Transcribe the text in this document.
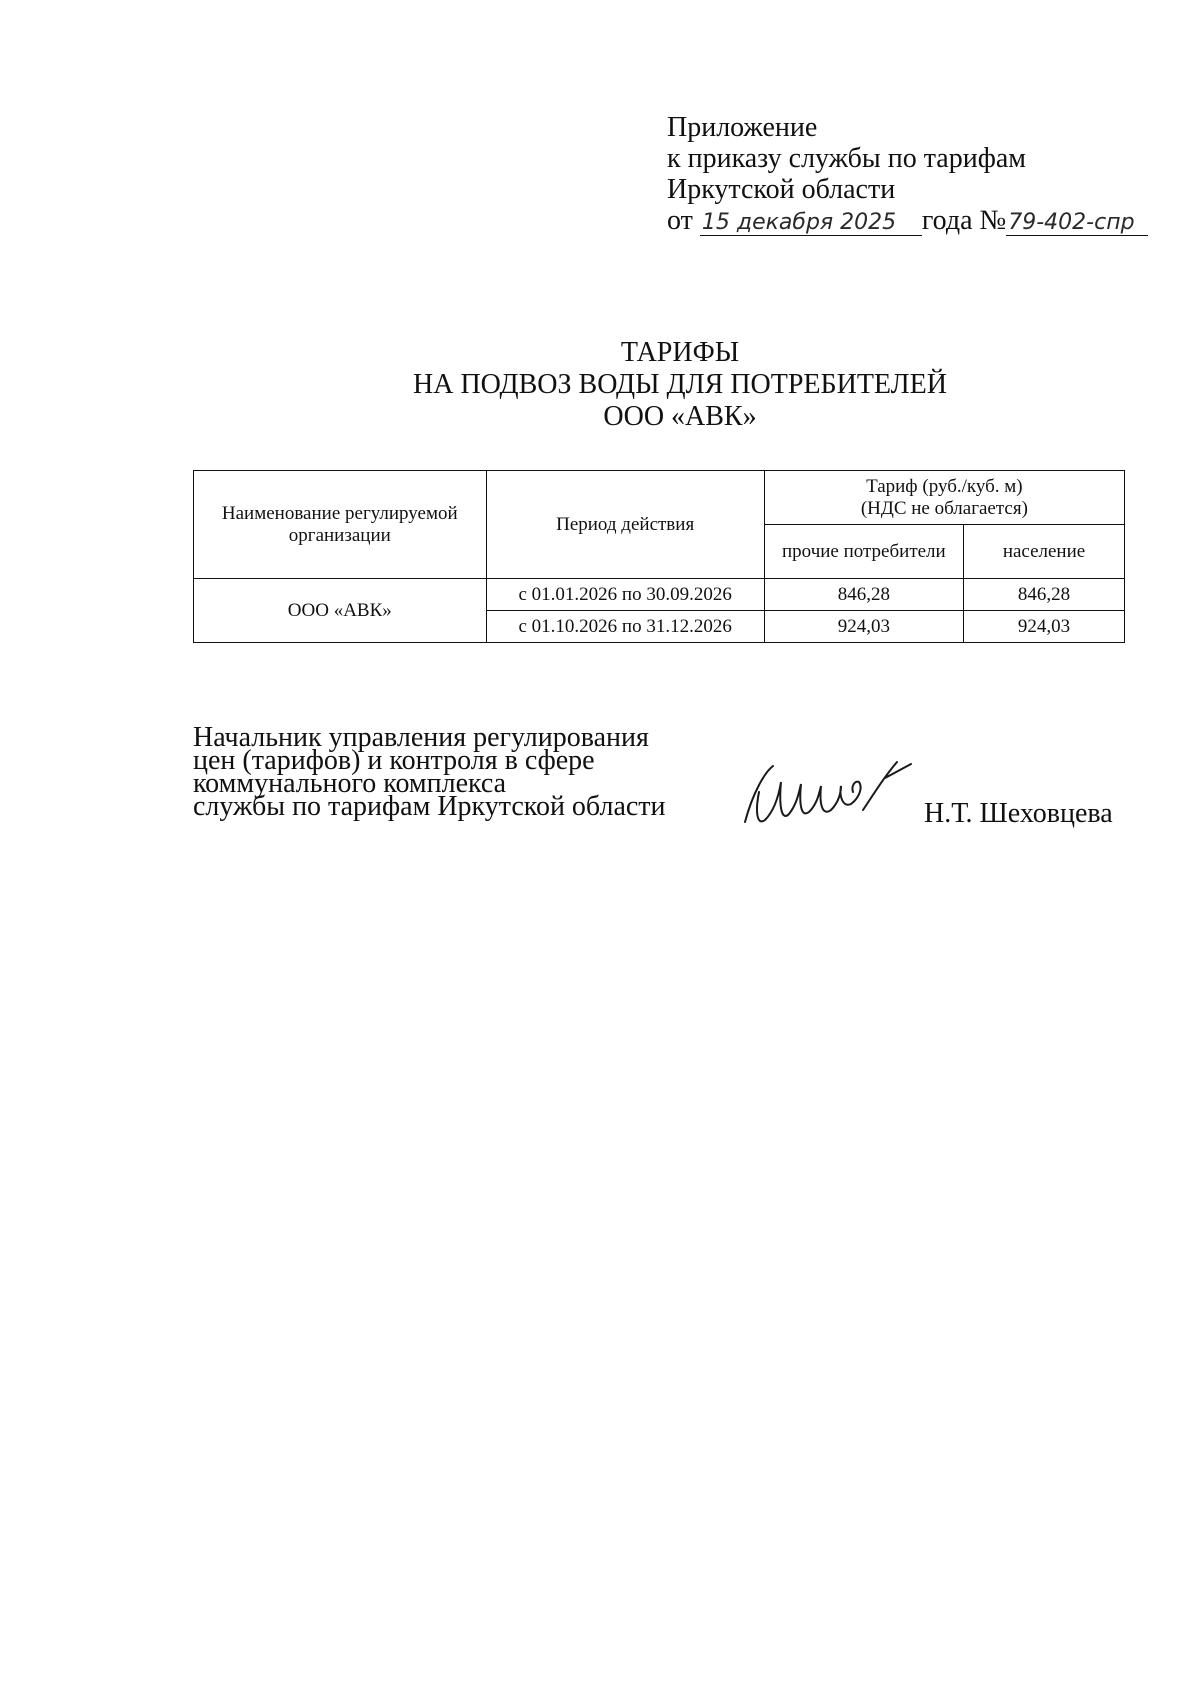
Приложение
к приказу службы по тарифам
Иркутской области
от 15 декабря 2025 года №79-402-спр
ТАРИФЫ
НА ПОДВОЗ ВОДЫ ДЛЯ ПОТРЕБИТЕЛЕЙ
ООО «АВК»
Наименование регулируемой организации	Период действия	Тариф (руб./куб. м)
(НДС не облагается)	

		прочие потребители	население
ООО «АВК»	с 01.01.2026 по 30.09.2026	846,28	846,28
	с 01.10.2026 по 31.12.2026	924,03	924,03
Начальник управления регулирования
цен (тарифов) и контроля в сфере
коммунального комплекса
службы по тарифам Иркутской области	Н.Т. Шеховцева
